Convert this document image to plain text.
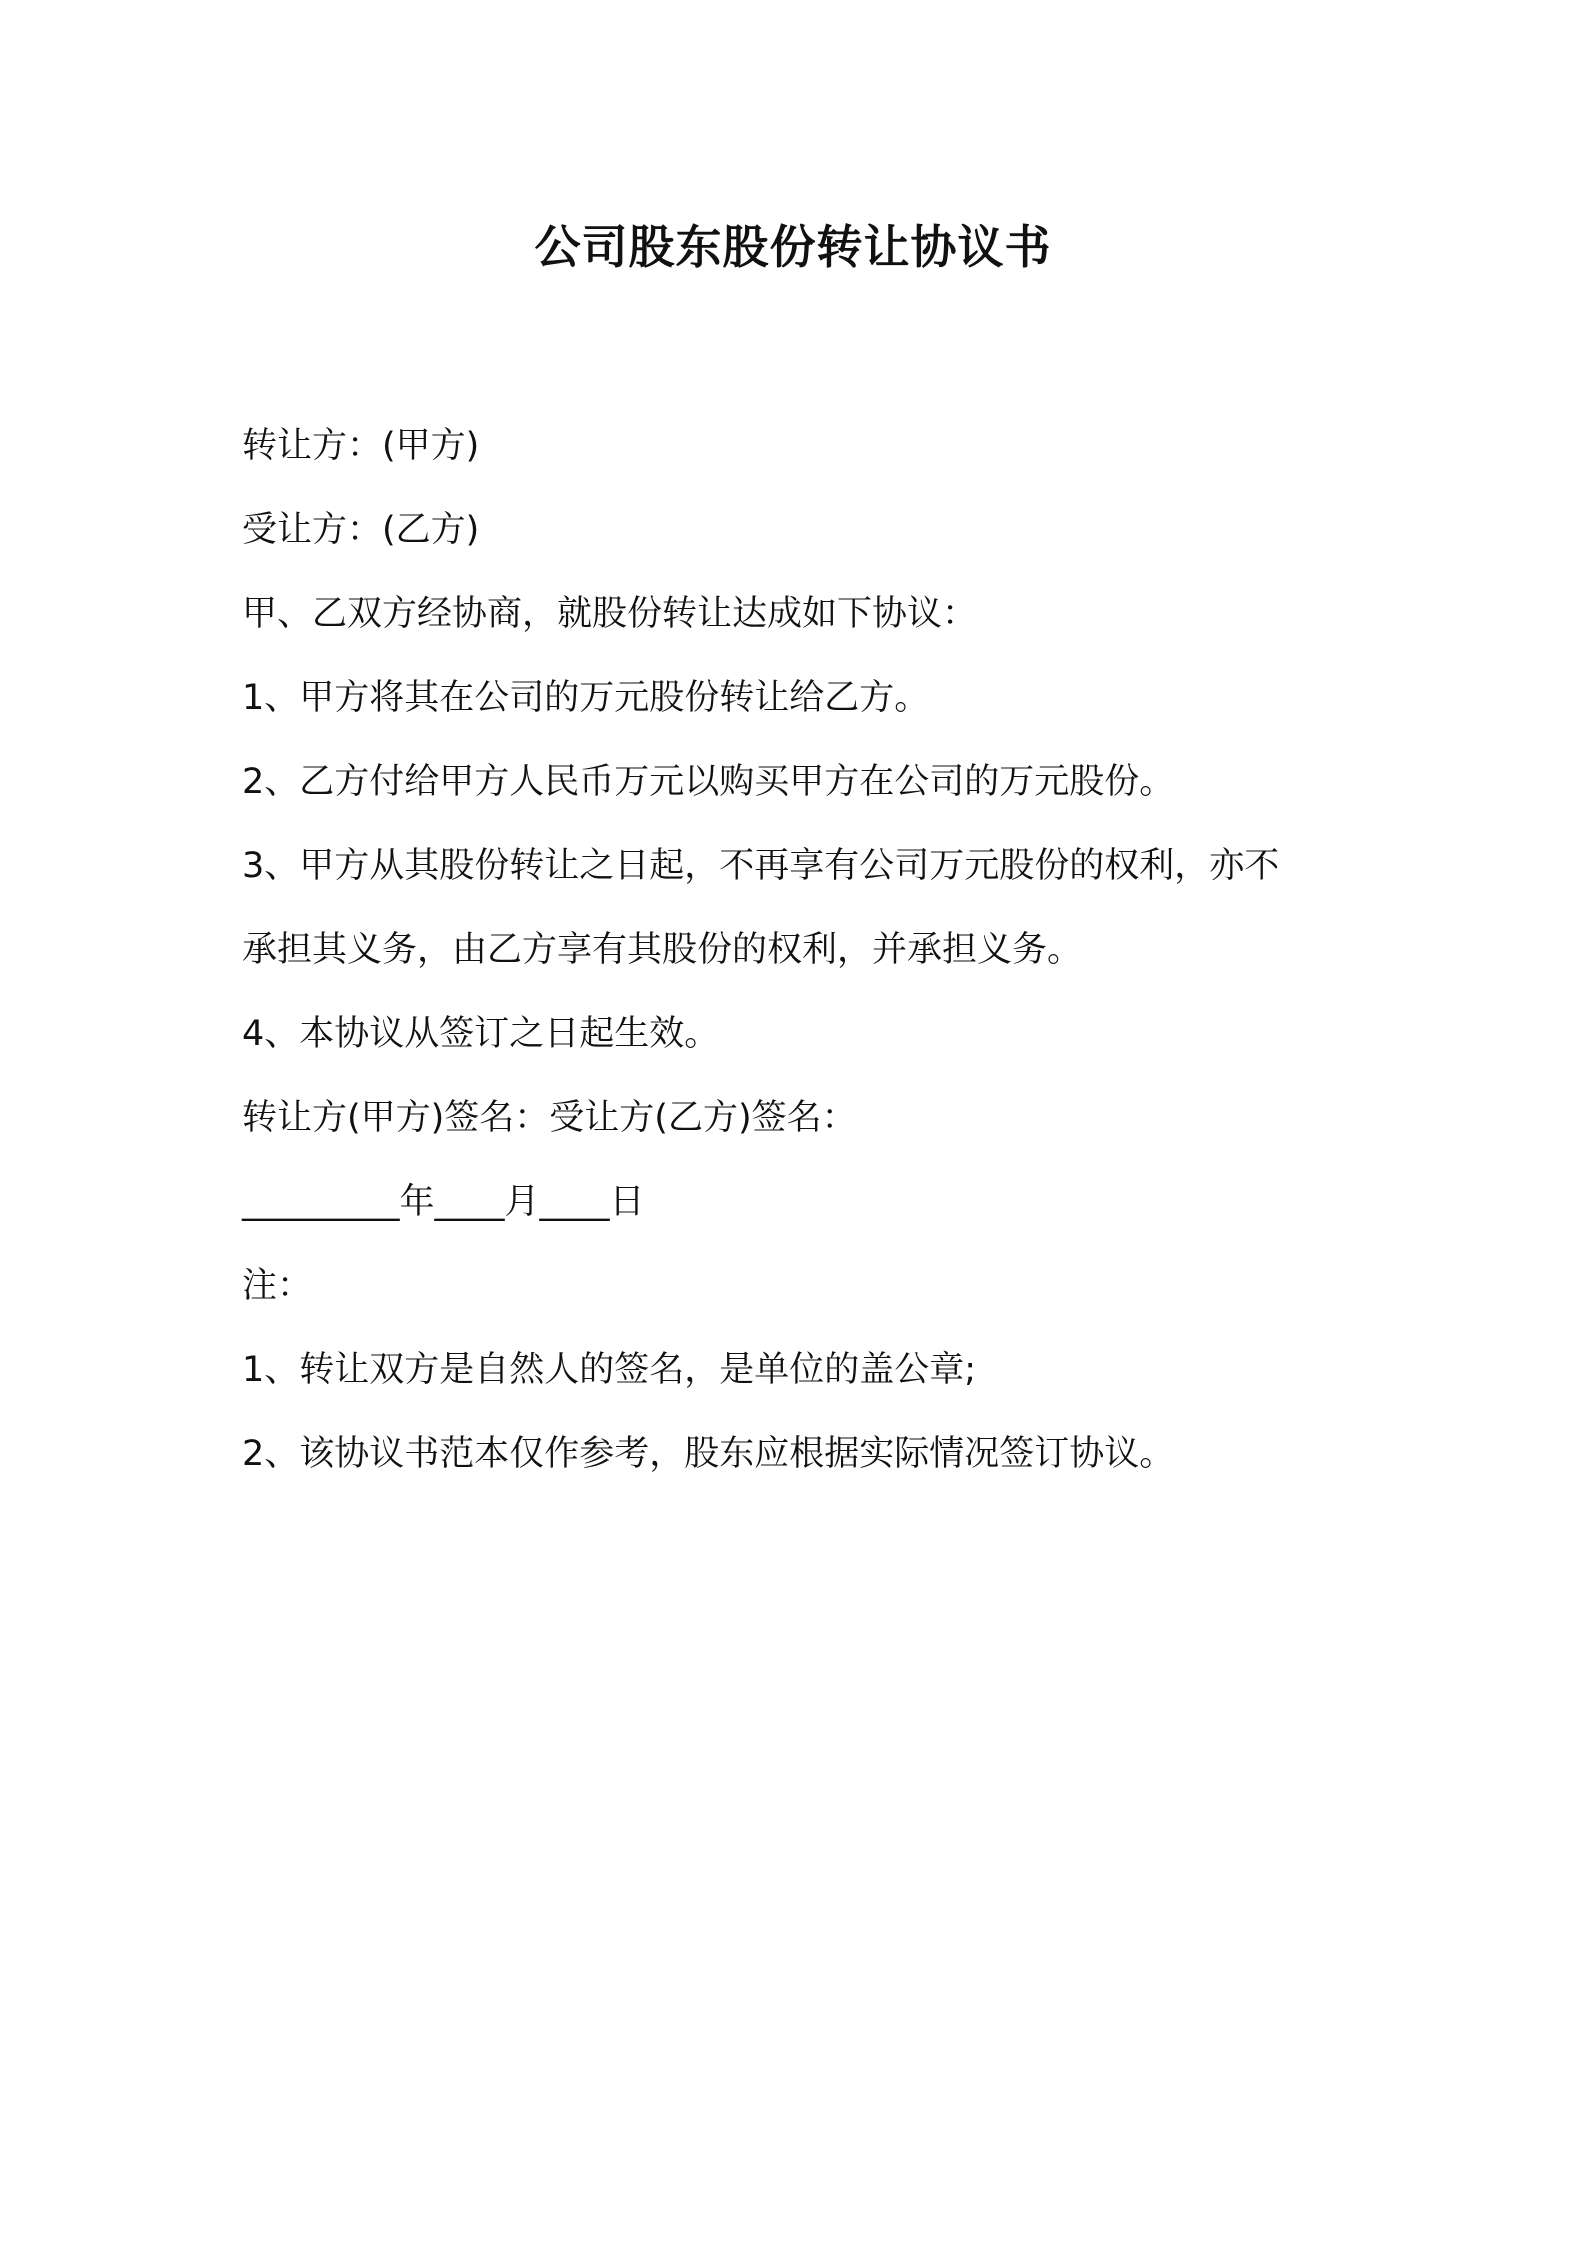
公司股东股份转让协议书

转让方：(甲方)

受让方：(乙方)

甲、乙双方经协商，就股份转让达成如下协议：

1、甲方将其在公司的万元股份转让给乙方。

2、乙方付给甲方人民币万元以购买甲方在公司的万元股份。

3、甲方从其股份转让之日起，不再享有公司万元股份的权利，亦不

承担其义务，由乙方享有其股份的权利，并承担义务。

4、本协议从签订之日起生效。

转让方(甲方)签名：受让方(乙方)签名：

_________年____月____日

注：

1、转让双方是自然人的签名，是单位的盖公章;

2、该协议书范本仅作参考，股东应根据实际情况签订协议。
